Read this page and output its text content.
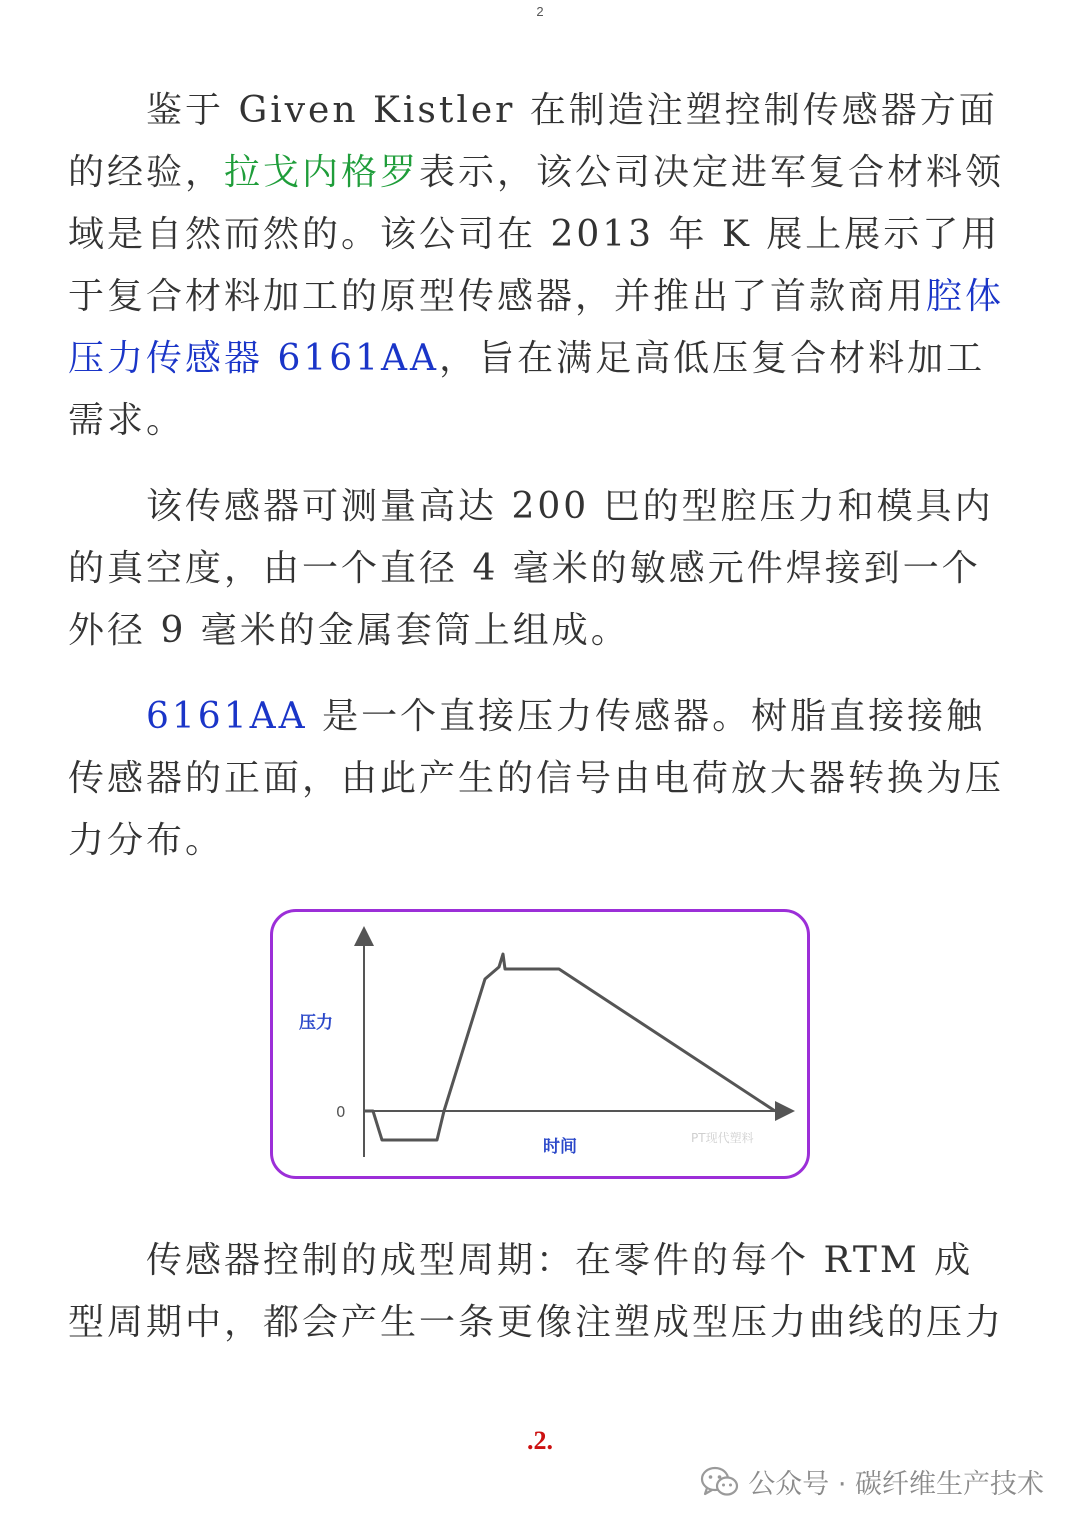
2

鉴于 Given Kistler 在制造注塑控制传感器方面的经验，拉戈内格罗表示，该公司决定进军复合材料领域是自然而然的。该公司在 2013 年 K 展上展示了用于复合材料加工的原型传感器，并推出了首款商用腔体压力传感器 6161AA，旨在满足高低压复合材料加工需求。

该传感器可测量高达 200 巴的型腔压力和模具内的真空度，由一个直径 4 毫米的敏感元件焊接到一个外径 9 毫米的金属套筒上组成。

6161AA 是一个直接压力传感器。树脂直接接触传感器的正面，由此产生的信号由电荷放大器转换为压力分布。

压力
时间
0
PT现代塑料

传感器控制的成型周期：在零件的每个 RTM 成型周期中，都会产生一条更像注塑成型压力曲线的压力

.2.
公众号 · 碳纤维生产技术
